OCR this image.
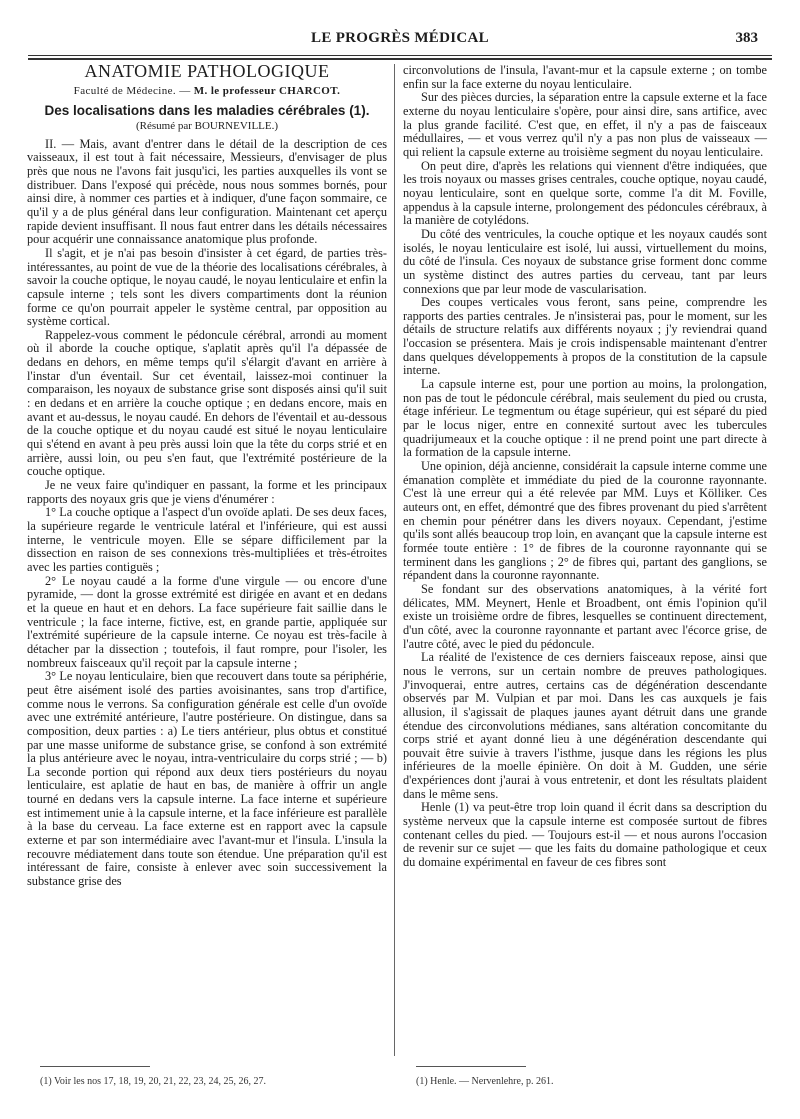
LE PROGRÈS MÉDICAL	383

ANATOMIE PATHOLOGIQUE

Faculté de Médecine. — M. le professeur CHARCOT.

Des localisations dans les maladies cérébrales (1).

(Résumé par BOURNEVILLE.)

II. — Mais, avant d'entrer dans le détail de la description de ces vaisseaux, il est tout à fait nécessaire, Messieurs, d'envisager de plus près que nous ne l'avons fait jusqu'ici, les parties auxquelles ils vont se distribuer. Dans l'exposé qui précède, nous nous sommes bornés, pour ainsi dire, à nommer ces parties et à indiquer, d'une façon sommaire, ce qu'il y a de plus général dans leur configuration. Maintenant cet aperçu rapide devient insuffisant. Il nous faut entrer dans les détails nécessaires pour acquérir une connaissance anatomique plus profonde.

Il s'agit, et je n'ai pas besoin d'insister à cet égard, de parties très-intéressantes, au point de vue de la théorie des localisations cérébrales, à savoir la couche optique, le noyau caudé, le noyau lenticulaire et enfin la capsule interne ; tels sont les divers compartiments dont la réunion forme ce qu'on pourrait appeler le système central, par opposition au système cortical.

Rappelez-vous comment le pédoncule cérébral, arrondi au moment où il aborde la couche optique, s'aplatit après qu'il l'a dépassée de dedans en dehors, en même temps qu'il s'élargit d'avant en arrière à l'instar d'un éventail. Sur cet éventail, laissez-moi continuer la comparaison, les noyaux de substance grise sont disposés ainsi qu'il suit : en dedans et en arrière la couche optique ; en dedans encore, mais en avant et au-dessus, le noyau caudé. En dehors de l'éventail et au-dessous de la couche optique et du noyau caudé est situé le noyau lenticulaire qui s'étend en avant à peu près aussi loin que la tête du corps strié et en arrière, aussi loin, ou peu s'en faut, que l'extrémité postérieure de la couche optique.

Je ne veux faire qu'indiquer en passant, la forme et les principaux rapports des noyaux gris que je viens d'énumérer :

1° La couche optique a l'aspect d'un ovoïde aplati. De ses deux faces, la supérieure regarde le ventricule latéral et l'inférieure, qui est aussi interne, le ventricule moyen. Elle se sépare difficilement par la dissection en raison de ses connexions très-multipliées et très-étroites avec les parties contiguës ;

2° Le noyau caudé a la forme d'une virgule — ou encore d'une pyramide, — dont la grosse extrémité est dirigée en avant et en dedans et la queue en haut et en dehors. La face supérieure fait saillie dans le ventricule ; la face interne, fictive, est, en grande partie, appliquée sur l'extrémité supérieure de la capsule interne. Ce noyau est très-facile à détacher par la dissection ; toutefois, il faut rompre, pour l'isoler, les nombreux faisceaux qu'il reçoit par la capsule interne ;

3° Le noyau lenticulaire, bien que recouvert dans toute sa périphérie, peut être aisément isolé des parties avoisinantes, sans trop d'artifice, comme nous le verrons. Sa configuration générale est celle d'un ovoïde avec une extrémité antérieure, l'autre postérieure. On distingue, dans sa composition, deux parties : a) Le tiers antérieur, plus obtus et constitué par une masse uniforme de substance grise, se confond à son extrémité la plus antérieure avec le noyau, intra-ventriculaire du corps strié ; — b) La seconde portion qui répond aux deux tiers postérieurs du noyau lenticulaire, est aplatie de haut en bas, de manière à offrir un angle tourné en dedans vers la capsule interne. La face interne et supérieure est intimement unie à la capsule interne, et la face inférieure est parallèle à la base du cerveau. La face externe est en rapport avec la capsule externe et par son intermédiaire avec l'avant-mur et l'insula. L'insula la recouvre médiatement dans toute son étendue. Une préparation qu'il est intéressant de faire, consiste à enlever avec soin successivement la substance grise des

circonvolutions de l'insula, l'avant-mur et la capsule externe ; on tombe enfin sur la face externe du noyau lenticulaire.

Sur des pièces durcies, la séparation entre la capsule externe et la face externe du noyau lenticulaire s'opère, pour ainsi dire, sans artifice, avec la plus grande facilité. C'est que, en effet, il n'y a pas de faisceaux médullaires, — et vous verrez qu'il n'y a pas non plus de vaisseaux — qui relient la capsule externe au troisième segment du noyau lenticulaire.

On peut dire, d'après les relations qui viennent d'être indiquées, que les trois noyaux ou masses grises centrales, couche optique, noyau caudé, noyau lenticulaire, sont en quelque sorte, comme l'a dit M. Foville, appendus à la capsule interne, prolongement des pédoncules cérébraux, à la manière de cotylédons.

Du côté des ventricules, la couche optique et les noyaux caudés sont isolés, le noyau lenticulaire est isolé, lui aussi, virtuellement du moins, du côté de l'insula. Ces noyaux de substance grise forment donc comme un système distinct des autres parties du cerveau, tant par leurs connexions que par leur mode de vascularisation.

Des coupes verticales vous feront, sans peine, comprendre les rapports des parties centrales. Je n'insisterai pas, pour le moment, sur les détails de structure relatifs aux différents noyaux ; j'y reviendrai quand l'occasion se présentera. Mais je crois indispensable maintenant d'entrer dans quelques développements à propos de la constitution de la capsule interne.

La capsule interne est, pour une portion au moins, la prolongation, non pas de tout le pédoncule cérébral, mais seulement du pied ou crusta, étage inférieur. Le tegmentum ou étage supérieur, qui est séparé du pied par le locus niger, entre en connexité surtout avec les tubercules quadrijumeaux et la couche optique : il ne prend point une part directe à la formation de la capsule interne.

Une opinion, déjà ancienne, considérait la capsule interne comme une émanation complète et immédiate du pied de la couronne rayonnante. C'est là une erreur qui a été relevée par MM. Luys et Kölliker. Ces auteurs ont, en effet, démontré que des fibres provenant du pied s'arrêtent en chemin pour pénétrer dans les divers noyaux. Cependant, j'estime qu'ils sont allés beaucoup trop loin, en avançant que la capsule interne est formée toute entière : 1° de fibres de la couronne rayonnante qui se terminent dans les ganglions ; 2° de fibres qui, partant des ganglions, se répandent dans la couronne rayonnante.

Se fondant sur des observations anatomiques, à la vérité fort délicates, MM. Meynert, Henle et Broadbent, ont émis l'opinion qu'il existe un troisième ordre de fibres, lesquelles se continuent directement, d'un côté, avec la couronne rayonnante et partant avec l'écorce grise, de l'autre côté, avec le pied du pédoncule.

La réalité de l'existence de ces derniers faisceaux repose, ainsi que nous le verrons, sur un certain nombre de preuves pathologiques. J'invoquerai, entre autres, certains cas de dégénération descendante observés par M. Vulpian et par moi. Dans les cas auxquels je fais allusion, il s'agissait de plaques jaunes ayant détruit dans une grande étendue des circonvolutions médianes, sans altération concomitante du corps strié et ayant donné lieu à une dégénération descendante qui pouvait être suivie à travers l'isthme, jusque dans les régions les plus inférieures de la moelle épinière. On doit à M. Gudden, une série d'expériences dont j'aurai à vous entretenir, et dont les résultats plaident dans le même sens.

Henle (1) va peut-être trop loin quand il écrit dans sa description du système nerveux que la capsule interne est composée surtout de fibres contenant celles du pied. — Toujours est-il — et nous aurons l'occasion de revenir sur ce sujet — que les faits du domaine pathologique et ceux du domaine expérimental en faveur de ces fibres sont

(1) Voir les nos 17, 18, 19, 20, 21, 22, 23, 24, 25, 26, 27.	(1) Henle. — Nervenlehre, p. 261.
